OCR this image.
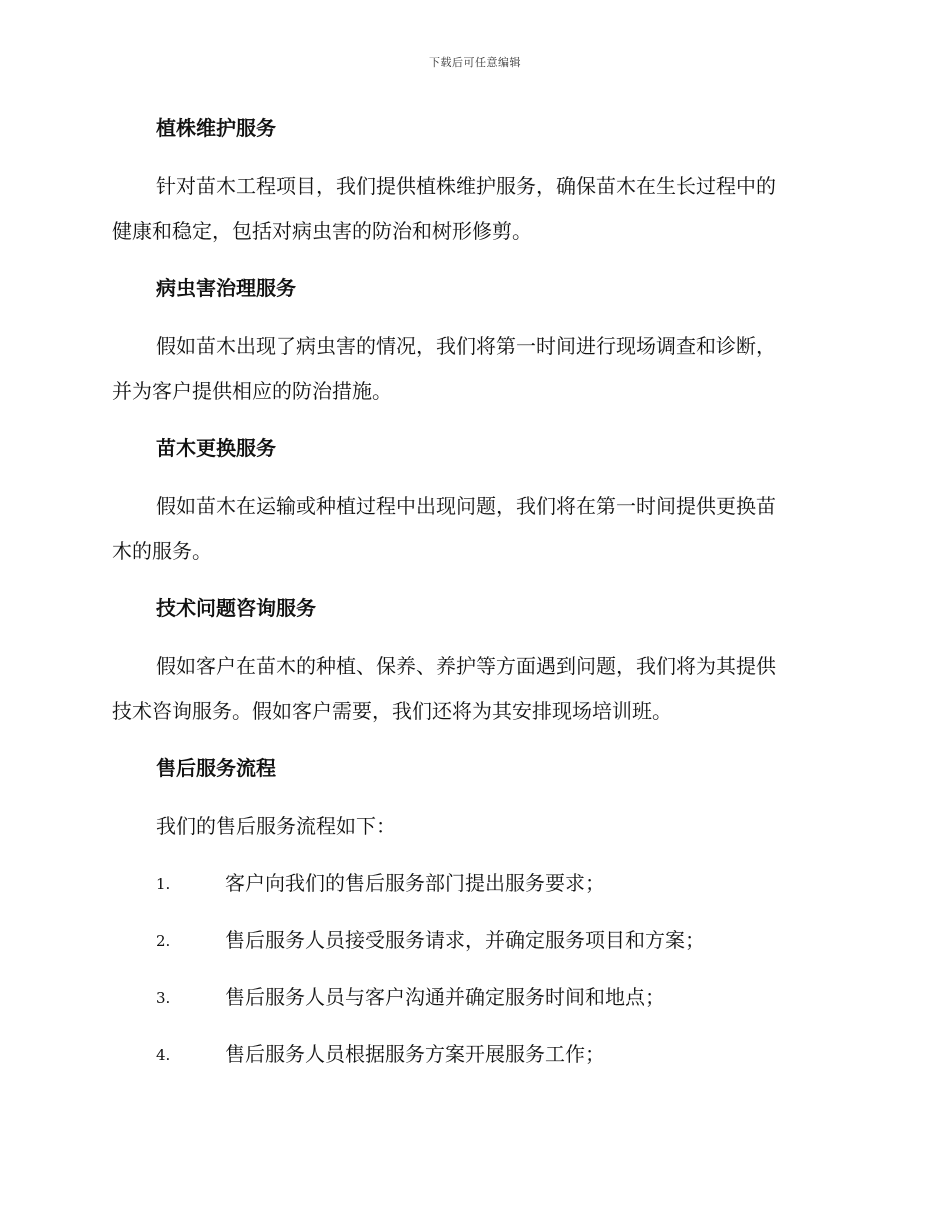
下载后可任意编辑
植株维护服务
针对苗木工程项目，我们提供植株维护服务，确保苗木在生长过程中的
健康和稳定，包括对病虫害的防治和树形修剪。
病虫害治理服务
假如苗木出现了病虫害的情况，我们将第一时间进行现场调查和诊断，
并为客户提供相应的防治措施。
苗木更换服务
假如苗木在运输或种植过程中出现问题，我们将在第一时间提供更换苗
木的服务。
技术问题咨询服务
假如客户在苗木的种植、保养、养护等方面遇到问题，我们将为其提供
技术咨询服务。假如客户需要，我们还将为其安排现场培训班。
售后服务流程
我们的售后服务流程如下：
1.	客户向我们的售后服务部门提出服务要求；
2.	售后服务人员接受服务请求，并确定服务项目和方案；
3.	售后服务人员与客户沟通并确定服务时间和地点；
4.	售后服务人员根据服务方案开展服务工作；
